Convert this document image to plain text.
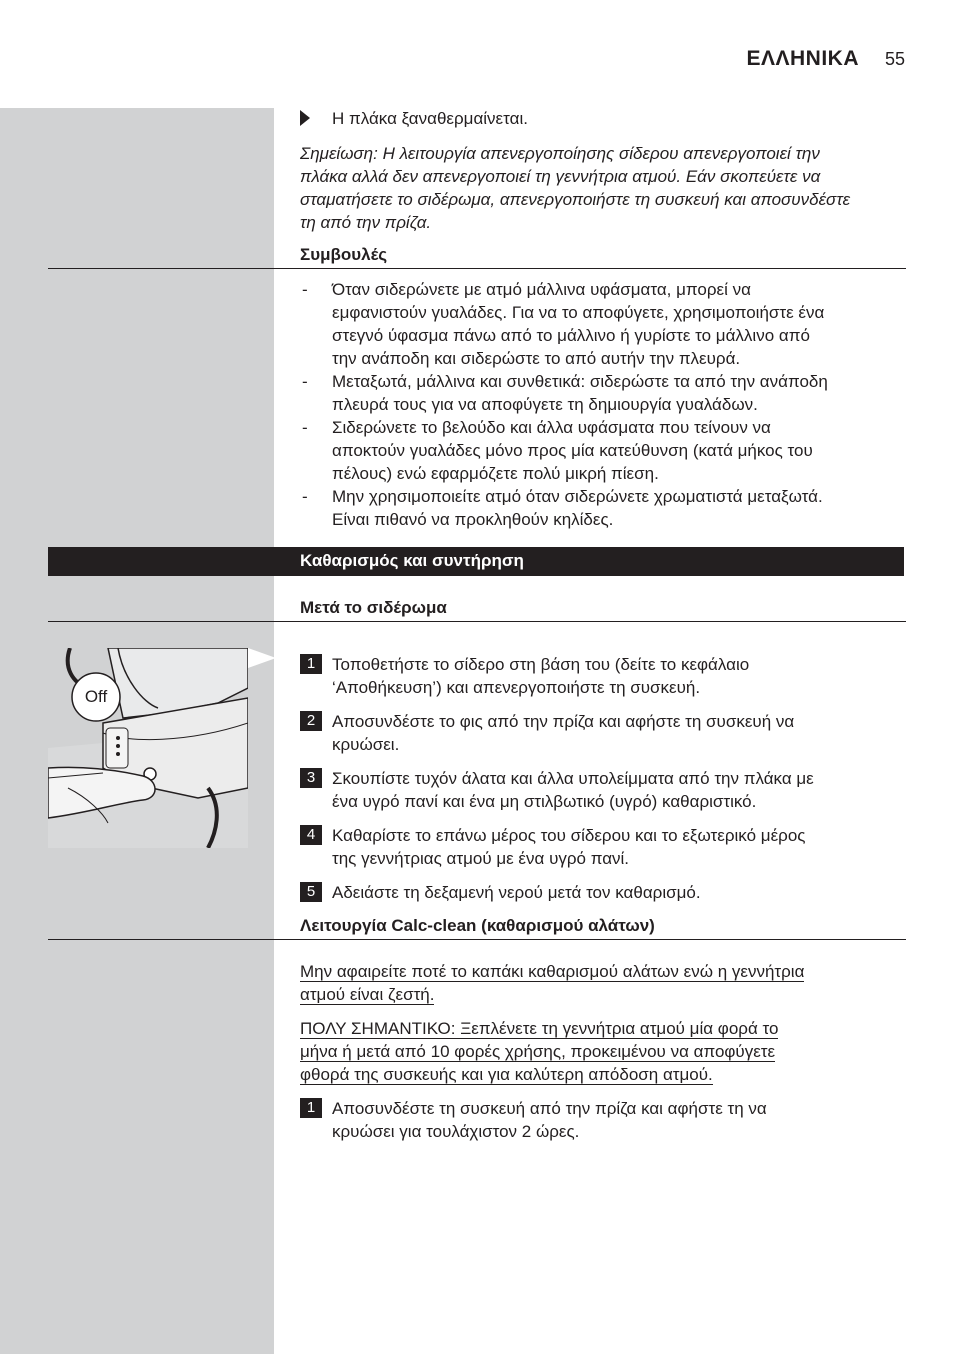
ΕΛΛΗΝΙΚΑ 55
Η πλάκα ξαναθερμαίνεται.
Σημείωση: Η λειτουργία απενεργοποίησης σίδερου απενεργοποιεί την
πλάκα αλλά δεν απενεργοποιεί τη γεννήτρια ατμού. Εάν σκοπεύετε να
σταματήσετε το σιδέρωμα, απενεργοποιήστε τη συσκευή και αποσυνδέστε
τη από την πρίζα.
Συμβουλές
- Όταν σιδερώνετε με ατμό μάλλινα υφάσματα, μπορεί να
εμφανιστούν γυαλάδες. Για να το αποφύγετε, χρησιμοποιήστε ένα
στεγνό ύφασμα πάνω από το μάλλινο ή γυρίστε το μάλλινο από
την ανάποδη και σιδερώστε το από αυτήν την πλευρά.
- Μεταξωτά, μάλλινα και συνθετικά: σιδερώστε τα από την ανάποδη
πλευρά τους για να αποφύγετε τη δημιουργία γυαλάδων.
- Σιδερώνετε το βελούδο και άλλα υφάσματα που τείνουν να
αποκτούν γυαλάδες μόνο προς μία κατεύθυνση (κατά μήκος του
πέλους) ενώ εφαρμόζετε πολύ μικρή πίεση.
- Μην χρησιμοποιείτε ατμό όταν σιδερώνετε χρωματιστά μεταξωτά.
Είναι πιθανό να προκληθούν κηλίδες.
Καθαρισμός και συντήρηση
Μετά το σιδέρωμα
Off
1 Τοποθετήστε το σίδερο στη βάση του (δείτε το κεφάλαιο
‘Αποθήκευση’) και απενεργοποιήστε τη συσκευή.
2 Αποσυνδέστε το φις από την πρίζα και αφήστε τη συσκευή να
κρυώσει.
3 Σκουπίστε τυχόν άλατα και άλλα υπολείμματα από την πλάκα με
ένα υγρό πανί και ένα μη στιλβωτικό (υγρό) καθαριστικό.
4 Καθαρίστε το επάνω μέρος του σίδερου και το εξωτερικό μέρος
της γεννήτριας ατμού με ένα υγρό πανί.
5 Αδειάστε τη δεξαμενή νερού μετά τον καθαρισμό.
Λειτουργία Calc-clean (καθαρισμού αλάτων)
Μην αφαιρείτε ποτέ το καπάκι καθαρισμού αλάτων ενώ η γεννήτρια
ατμού είναι ζεστή.
ΠΟΛΥ ΣΗΜΑΝΤΙΚΟ: Ξεπλένετε τη γεννήτρια ατμού μία φορά το
μήνα ή μετά από 10 φορές χρήσης, προκειμένου να αποφύγετε
φθορά της συσκευής και για καλύτερη απόδοση ατμού.
1 Αποσυνδέστε τη συσκευή από την πρίζα και αφήστε τη να
κρυώσει για τουλάχιστον 2 ώρες.
